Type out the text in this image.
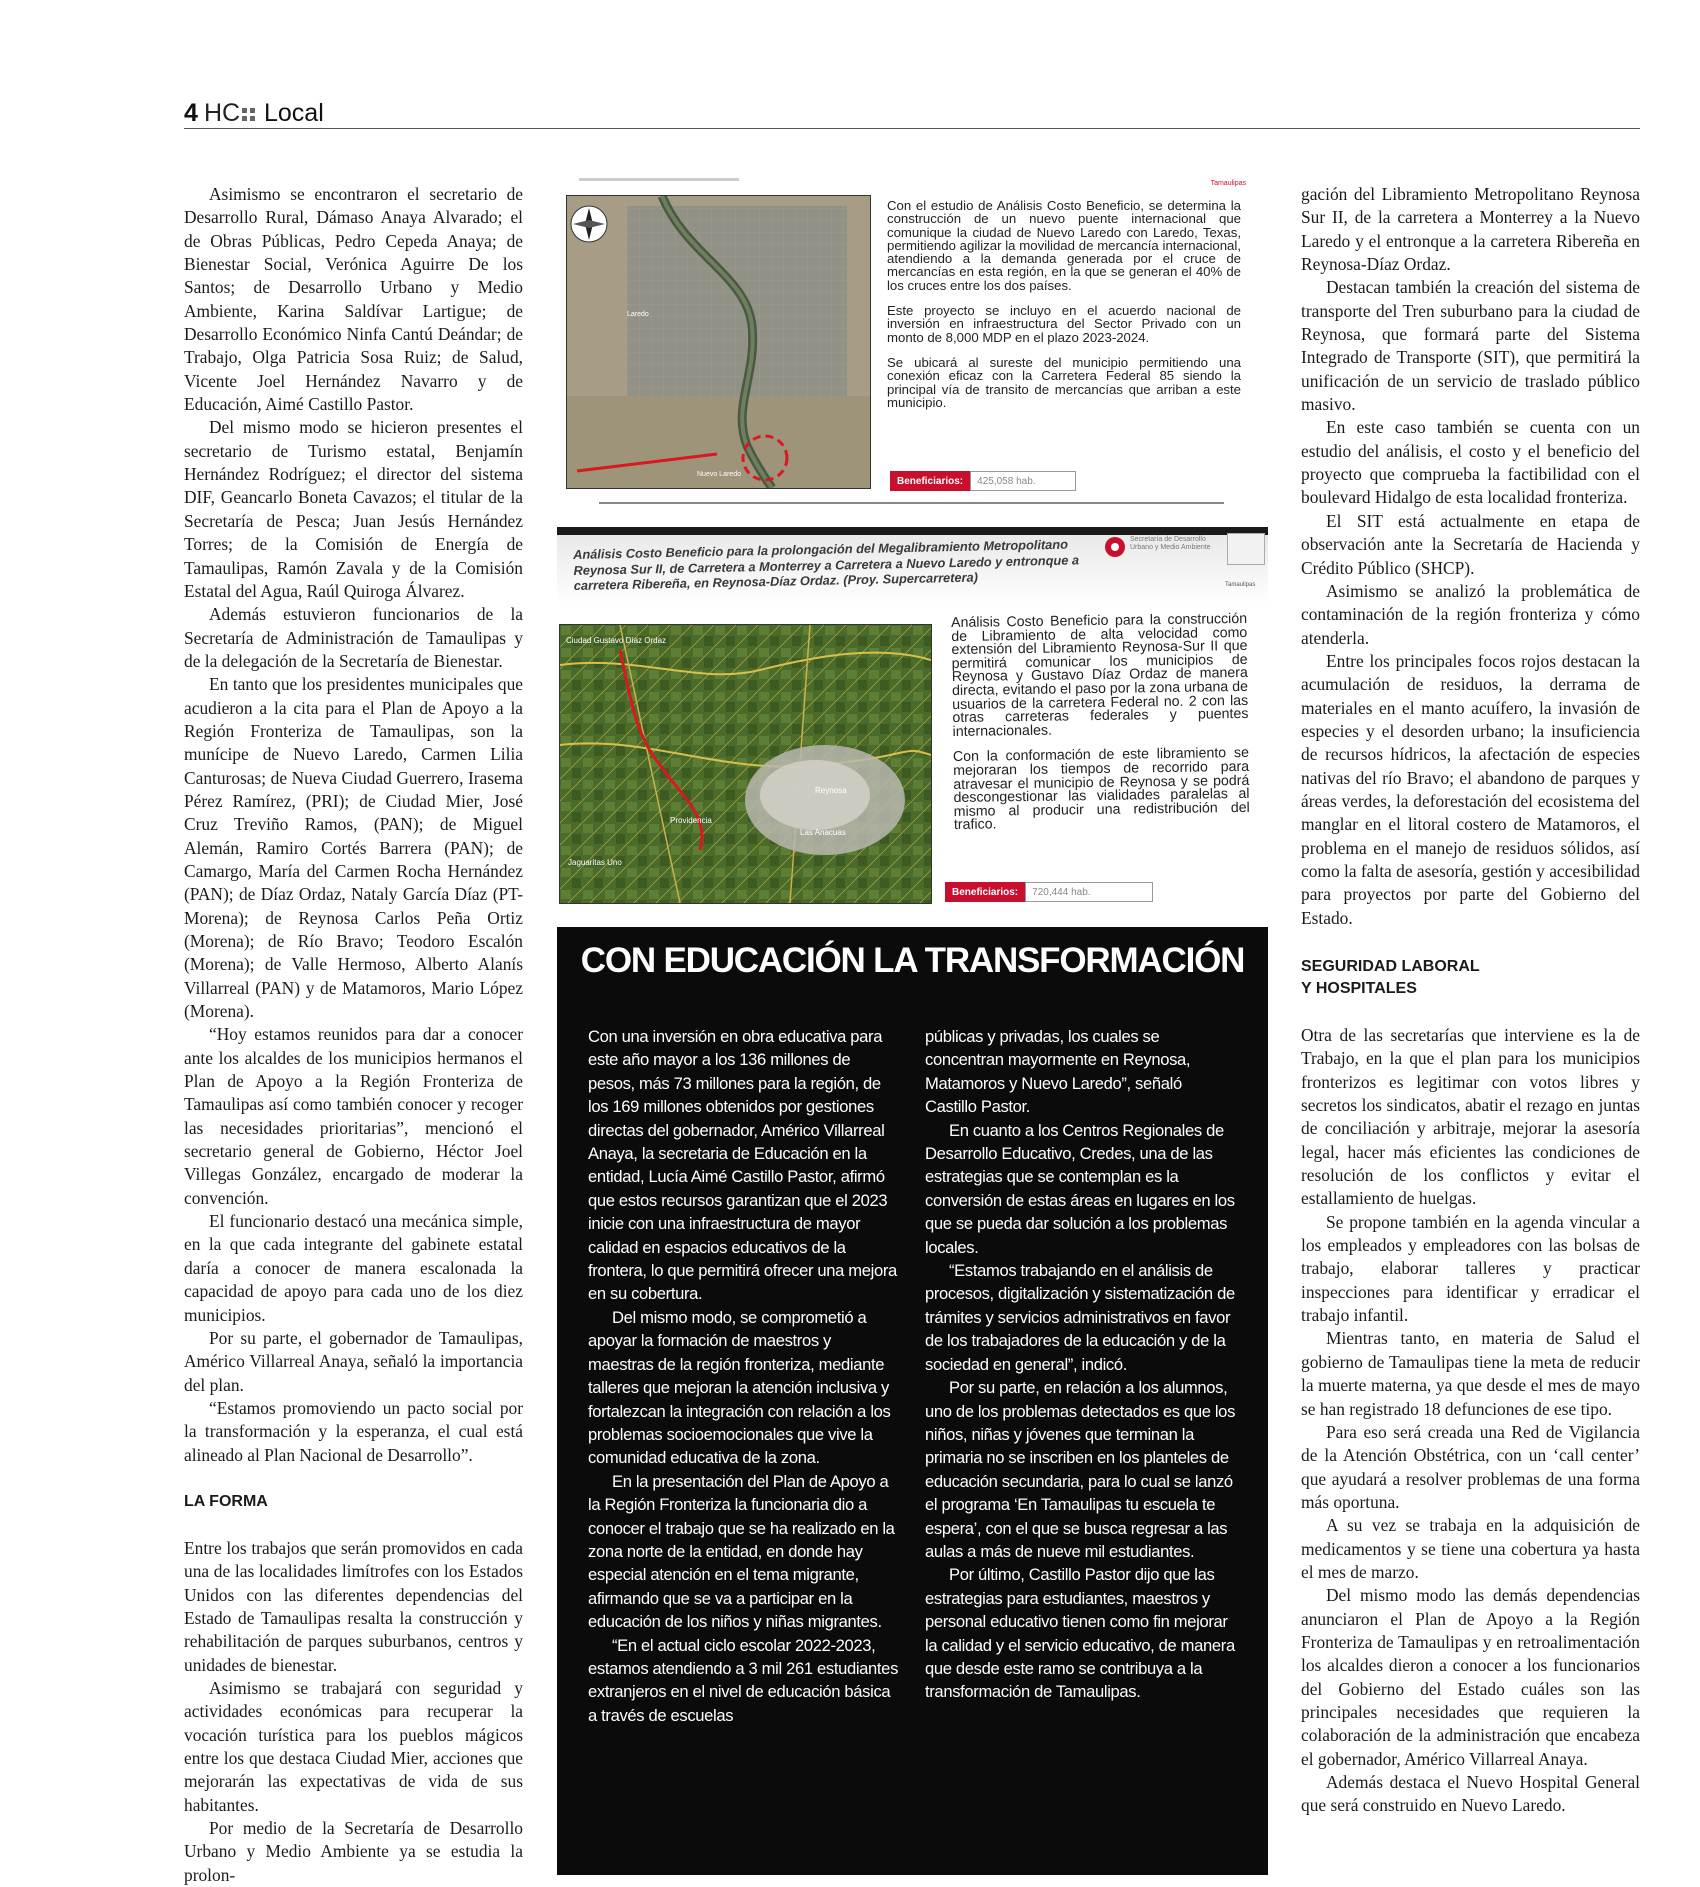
4 HC Local

Asimismo se encontraron el secretario de Desarrollo Rural, Dámaso Anaya Alvarado; el de Obras Públicas, Pedro Cepeda Anaya; de Bienestar Social, Verónica Aguirre De los Santos; de Desarrollo Urbano y Medio Ambiente, Karina Saldívar Lartigue; de Desarrollo Económico Ninfa Cantú Deándar; de Trabajo, Olga Patricia Sosa Ruiz; de Salud, Vicente Joel Hernández Navarro y de Educación, Aimé Castillo Pastor.

Del mismo modo se hicieron presentes el secretario de Turismo estatal, Benjamín Hernández Rodríguez; el director del sistema DIF, Geancarlo Boneta Cavazos; el titular de la Secretaría de Pesca; Juan Jesús Hernández Torres; de la Comisión de Energía de Tamaulipas, Ramón Zavala y de la Comisión Estatal del Agua, Raúl Quiroga Álvarez.

Además estuvieron funcionarios de la Secretaría de Administración de Tamaulipas y de la delegación de la Secretaría de Bienestar.

En tanto que los presidentes municipales que acudieron a la cita para el Plan de Apoyo a la Región Fronteriza de Tamaulipas, son la munícipe de Nuevo Laredo, Carmen Lilia Canturosas; de Nueva Ciudad Guerrero, Irasema Pérez Ramírez, (PRI); de Ciudad Mier, José Cruz Treviño Ramos, (PAN); de Miguel Alemán, Ramiro Cortés Barrera (PAN); de Camargo, María del Carmen Rocha Hernández (PAN); de Díaz Ordaz, Nataly García Díaz (PT-Morena); de Reynosa Carlos Peña Ortiz (Morena); de Río Bravo; Teodoro Escalón (Morena); de Valle Hermoso, Alberto Alanís Villarreal (PAN) y de Matamoros, Mario López (Morena).

“Hoy estamos reunidos para dar a conocer ante los alcaldes de los municipios hermanos el Plan de Apoyo a la Región Fronteriza de Tamaulipas así como también conocer y recoger las necesidades prioritarias”, mencionó el secretario general de Gobierno, Héctor Joel Villegas González, encargado de moderar la convención.

El funcionario destacó una mecánica simple, en la que cada integrante del gabinete estatal daría a conocer de manera escalonada la capacidad de apoyo para cada uno de los diez municipios.

Por su parte, el gobernador de Tamaulipas, Américo Villarreal Anaya, señaló la importancia del plan.

“Estamos promoviendo un pacto social por la transformación y la esperanza, el cual está alineado al Plan Nacional de Desarrollo”.

LA FORMA

Entre los trabajos que serán promovidos en cada una de las localidades limítrofes con los Estados Unidos con las diferentes dependencias del Estado de Tamaulipas resalta la construcción y rehabilitación de parques suburbanos, centros y unidades de bienestar.

Asimismo se trabajará con seguridad y actividades económicas para recuperar la vocación turística para los pueblos mágicos entre los que destaca Ciudad Mier, acciones que mejorarán las expectativas de vida de sus habitantes.

Por medio de la Secretaría de Desarrollo Urbano y Medio Ambiente ya se estudia la prolon-

Tamaulipas
Laredo
Nuevo Laredo

Con el estudio de Análisis Costo Beneficio, se determina la construcción de un nuevo puente internacional que comunique la ciudad de Nuevo Laredo con Laredo, Texas, permitiendo agilizar la movilidad de mercancía internacional, atendiendo a la demanda generada por el cruce de mercancías en esta región, en la que se generan el 40% de los cruces entre los dos países.

Este proyecto se incluyo en el acuerdo nacional de inversión en infraestructura del Sector Privado con un monto de 8,000 MDP en el plazo 2023-2024.

Se ubicará al sureste del municipio permitiendo una conexión eficaz con la Carretera Federal 85 siendo la principal vía de transito de mercancías que arriban a este municipio.

Beneficiarios:	425,058 hab.
Análisis Costo Beneficio para la prolongación del Megalibramiento Metropolitano Reynosa Sur II, de Carretera a Monterrey a Carretera a Nuevo Laredo y entronque a carretera Ribereña, en Reynosa-Díaz Ordaz. (Proy. Supercarretera)
Secretaría de Desarrollo Urbano y Medio Ambiente
Tamaulipas
Ciudad Gustavo Díaz Ordaz
Reynosa
Las Anacuas
Providencia
Jaguaritas Uno

Análisis Costo Beneficio para la construcción de Libramiento de alta velocidad como extensión del Libramiento Reynosa-Sur II que permitirá comunicar los municipios de Reynosa y Gustavo Díaz Ordaz de manera directa, evitando el paso por la zona urbana de usuarios de la carretera Federal no. 2 con las otras carreteras federales y puentes internacionales.

Con la conformación de este libramiento se mejoraran los tiempos de recorrido para atravesar el municipio de Reynosa y se podrá descongestionar las vialidades paralelas al mismo al producir una redistribución del trafico.

Beneficiarios:	720,444 hab.
CON EDUCACIÓN LA TRANSFORMACIÓN

Con una inversión en obra educativa para este año mayor a los 136 millones de pesos, más 73 millones para la región, de los 169 millones obtenidos por gestiones directas del gobernador, Américo Villarreal Anaya, la secretaria de Educación en la entidad, Lucía Aimé Castillo Pastor, afirmó que estos recursos garantizan que el 2023 inicie con una infraestructura de mayor calidad en espacios educativos de la frontera, lo que permitirá ofrecer una mejora en su cobertura.

Del mismo modo, se comprometió a apoyar la formación de maestros y maestras de la región fronteriza, mediante talleres que mejoran la atención inclusiva y fortalezcan la integración con relación a los problemas socioemocionales que vive la comunidad educativa de la zona.

En la presentación del Plan de Apoyo a la Región Fronteriza la funcionaria dio a conocer el trabajo que se ha realizado en la zona norte de la entidad, en donde hay especial atención en el tema migrante, afirmando que se va a participar en la educación de los niños y niñas migrantes.

“En el actual ciclo escolar 2022-2023, estamos atendiendo a 3 mil 261 estudiantes extranjeros en el nivel de educación básica a través de escuelas

públicas y privadas, los cuales se concentran mayormente en Reynosa, Matamoros y Nuevo Laredo”, señaló Castillo Pastor.

En cuanto a los Centros Regionales de Desarrollo Educativo, Credes, una de las estrategias que se contemplan es la conversión de estas áreas en lugares en los que se pueda dar solución a los problemas locales.

“Estamos trabajando en el análisis de procesos, digitalización y sistematización de trámites y servicios administrativos en favor de los trabajadores de la educación y de la sociedad en general”, indicó.

Por su parte, en relación a los alumnos, uno de los problemas detectados es que los niños, niñas y jóvenes que terminan la primaria no se inscriben en los planteles de educación secundaria, para lo cual se lanzó el programa ‘En Tamaulipas tu escuela te espera’, con el que se busca regresar a las aulas a más de nueve mil estudiantes.

Por último, Castillo Pastor dijo que las estrategias para estudiantes, maestros y personal educativo tienen como fin mejorar la calidad y el servicio educativo, de manera que desde este ramo se contribuya a la transformación de Tamaulipas.

gación del Libramiento Metropolitano Reynosa Sur II, de la carretera a Monterrey a la Nuevo Laredo y el entronque a la carretera Ribereña en Reynosa-Díaz Ordaz.

Destacan también la creación del sistema de transporte del Tren suburbano para la ciudad de Reynosa, que formará parte del Sistema Integrado de Transporte (SIT), que permitirá la unificación de un servicio de traslado público masivo.

En este caso también se cuenta con un estudio del análisis, el costo y el beneficio del proyecto que comprueba la factibilidad con el boulevard Hidalgo de esta localidad fronteriza.

El SIT está actualmente en etapa de observación ante la Secretaría de Hacienda y Crédito Público (SHCP).

Asimismo se analizó la problemática de contaminación de la región fronteriza y cómo atenderla.

Entre los principales focos rojos destacan la acumulación de residuos, la derrama de materiales en el manto acuífero, la invasión de especies y el desorden urbano; la insuficiencia de recursos hídricos, la afectación de especies nativas del río Bravo; el abandono de parques y áreas verdes, la deforestación del ecosistema del manglar en el litoral costero de Matamoros, el problema en el manejo de residuos sólidos, así como la falta de asesoría, gestión y accesibilidad para proyectos por parte del Gobierno del Estado.

SEGURIDAD LABORAL
Y HOSPITALES

Otra de las secretarías que interviene es la de Trabajo, en la que el plan para los municipios fronterizos es legitimar con votos libres y secretos los sindicatos, abatir el rezago en juntas de conciliación y arbitraje, mejorar la asesoría legal, hacer más eficientes las condiciones de resolución de los conflictos y evitar el estallamiento de huelgas.

Se propone también en la agenda vincular a los empleados y empleadores con las bolsas de trabajo, elaborar talleres y practicar inspecciones para identificar y erradicar el trabajo infantil.

Mientras tanto, en materia de Salud el gobierno de Tamaulipas tiene la meta de reducir la muerte materna, ya que desde el mes de mayo se han registrado 18 defunciones de ese tipo.

Para eso será creada una Red de Vigilancia de la Atención Obstétrica, con un ‘call center’ que ayudará a resolver problemas de una forma más oportuna.

A su vez se trabaja en la adquisición de medicamentos y se tiene una cobertura ya hasta el mes de marzo.

Del mismo modo las demás dependencias anunciaron el Plan de Apoyo a la Región Fronteriza de Tamaulipas y en retroalimentación los alcaldes dieron a conocer a los funcionarios del Gobierno del Estado cuáles son las principales necesidades que requieren la colaboración de la administración que encabeza el gobernador, Américo Villarreal Anaya.

Además destaca el Nuevo Hospital General que será construido en Nuevo Laredo.
